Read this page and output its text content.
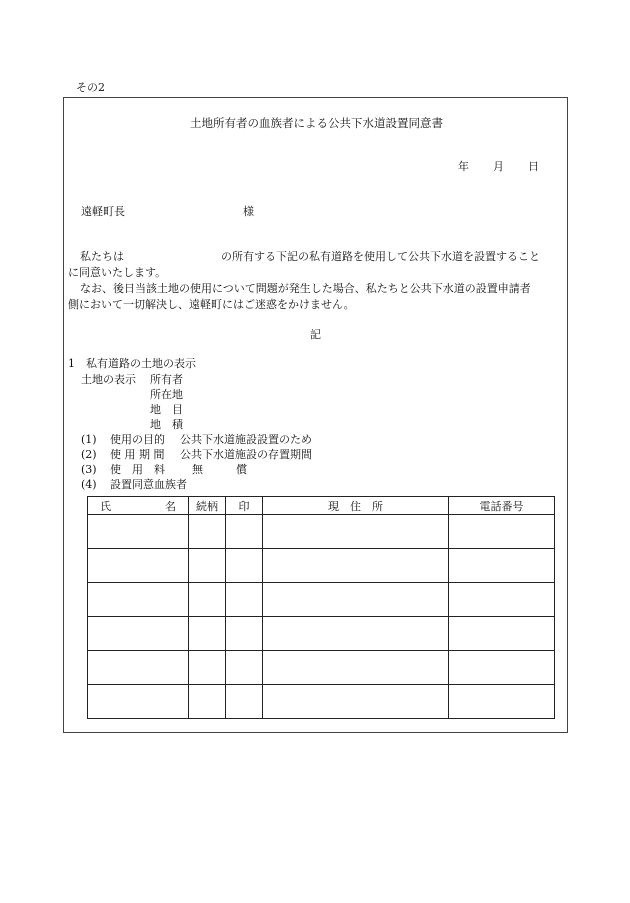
その2
土地所有者の血族者による公共下水道設置同意書
年 月 日
遠軽町長	様
私たちは	の所有する下記の私有道路を使用して公共下水道を設置すること
に同意いたします。
なお、後日当該土地の使用について問題が発生した場合、私たちと公共下水道の設置申請者
側において一切解決し、遠軽町にはご迷惑をかけません。
記
1　私有道路の土地の表示
土地の表示 所有者
所在地
地　目
地　積
(1) 使用の目的 公共下水道施設設置のため
(2) 使 用 期 間 公共下水道施設の存置期間
(3) 使　用　料 無　　　償
(4) 設置同意血族者
氏 名	続柄	印	現　住　所	電話番号
